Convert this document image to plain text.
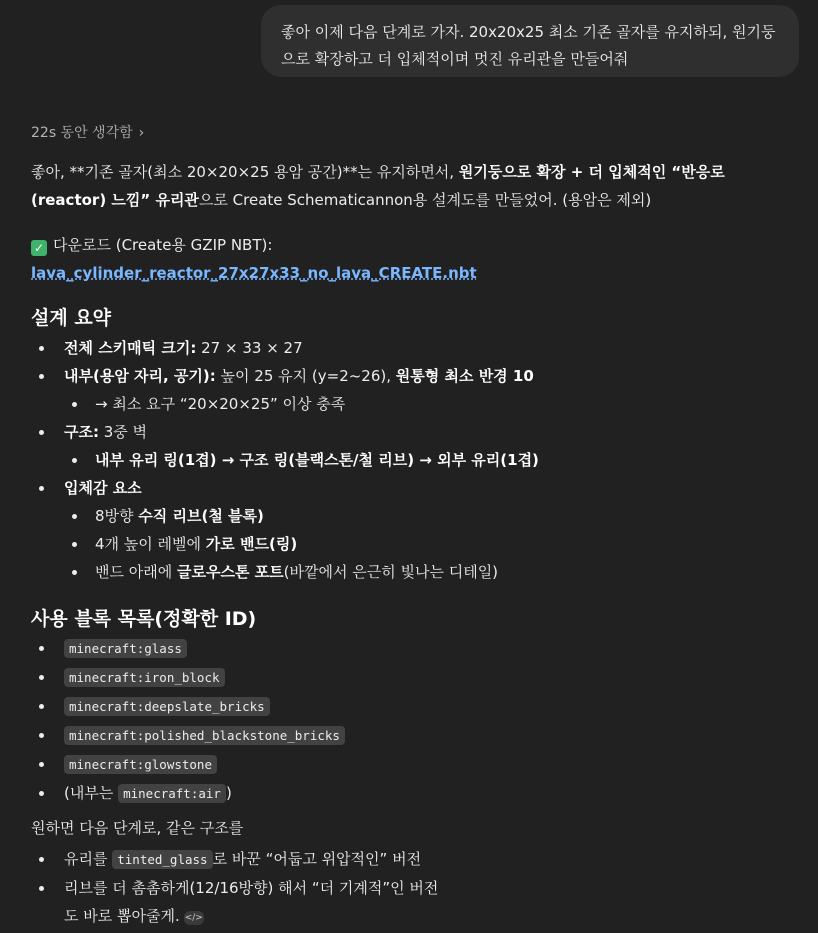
좋아 이제 다음 단계로 가자. 20x20x25 최소 기존 골자를 유지하되, 원기둥으로 확장하고 더 입체적이며 멋진 유리관을 만들어줘
22s 동안 생각함 ›
좋아, **기존 골자(최소 20×20×25 용암 공간)**는 유지하면서, 원기둥으로 확장 + 더 입체적인 “반응로(reactor) 느낌” 유리관으로 Create Schematicannon용 설계도를 만들었어. (용암은 제외)
✓ 다운로드 (Create용 GZIP NBT):
lava_cylinder_reactor_27x27x33_no_lava_CREATE.nbt
설계 요약
전체 스키매틱 크기: 27 × 33 × 27
내부(용암 자리, 공기): 높이 25 유지 (y=2~26), 원통형 최소 반경 10
→ 최소 요구 “20×20×25” 이상 충족
구조: 3중 벽
내부 유리 링(1겹) → 구조 링(블랙스톤/철 리브) → 외부 유리(1겹)
입체감 요소
8방향 수직 리브(철 블록)
4개 높이 레벨에 가로 밴드(링)
밴드 아래에 글로우스톤 포트(바깥에서 은근히 빛나는 디테일)
사용 블록 목록(정확한 ID)
minecraft:glass
minecraft:iron_block
minecraft:deepslate_bricks
minecraft:polished_blackstone_bricks
minecraft:glowstone
(내부는 minecraft:air )
원하면 다음 단계로, 같은 구조를
유리를 tinted_glass 로 바꾼 “어둡고 위압적인” 버전
리브를 더 촘촘하게(12/16방향) 해서 “더 기계적”인 버전
도 바로 뽑아줄게. </>
